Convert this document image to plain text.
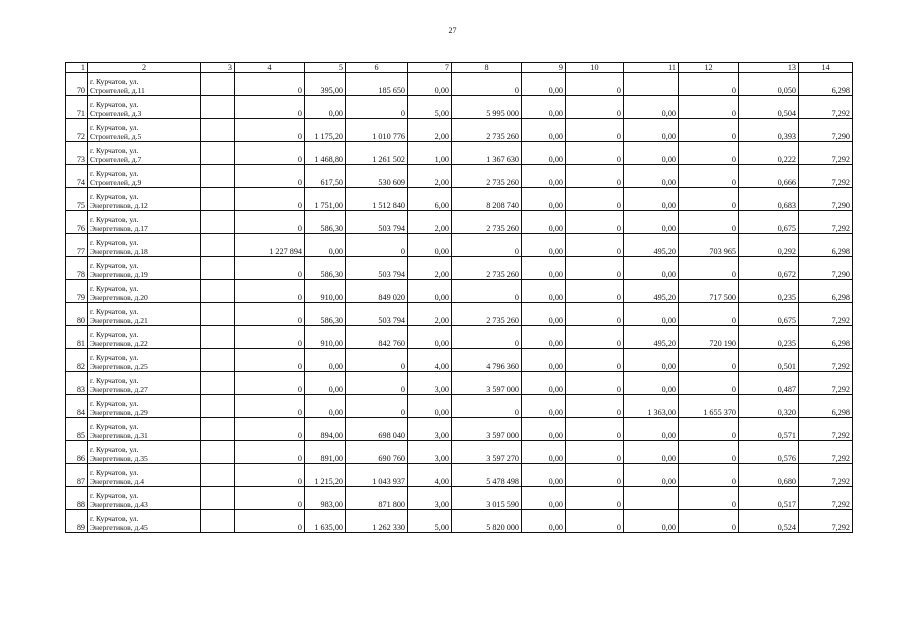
27
1	2	3	4	5	6	7	8	9	10	11	12	13	14
70	г. Курчатов, ул.
Строителей, д.11		0	395,00	185 650	0,00	0	0,00	0		0	0,050	6,298
71	г. Курчатов, ул.
Строителей, д.3		0	0,00	0	5,00	5 995 000	0,00	0	0,00	0	0,504	7,292
72	г. Курчатов, ул.
Строителей, д.5		0	1 175,20	1 010 776	2,00	2 735 260	0,00	0	0,00	0	0,393	7,290
73	г. Курчатов, ул.
Строителей, д.7		0	1 468,80	1 261 502	1,00	1 367 630	0,00	0	0,00	0	0,222	7,292
74	г. Курчатов, ул.
Строителей, д.9		0	617,50	530 609	2,00	2 735 260	0,00	0	0,00	0	0,666	7,292
75	г. Курчатов, ул.
Энергетиков, д.12		0	1 751,00	1 512 840	6,00	8 208 740	0,00	0	0,00	0	0,683	7,290
76	г. Курчатов, ул.
Энергетиков, д.17		0	586,30	503 794	2,00	2 735 260	0,00	0	0,00	0	0,675	7,292
77	г. Курчатов, ул.
Энергетиков, д.18		1 227 894	0,00	0	0,00	0	0,00	0	495,20	703 965	0,292	6,298
78	г. Курчатов, ул.
Энергетиков, д.19		0	586,30	503 794	2,00	2 735 260	0,00	0	0,00	0	0,672	7,290
79	г. Курчатов, ул.
Энергетиков, д.20		0	910,00	849 020	0,00	0	0,00	0	495,20	717 500	0,235	6,298
80	г. Курчатов, ул.
Энергетиков, д.21		0	586,30	503 794	2,00	2 735 260	0,00	0	0,00	0	0,675	7,292
81	г. Курчатов, ул.
Энергетиков, д.22		0	910,00	842 760	0,00	0	0,00	0	495,20	720 190	0,235	6,298
82	г. Курчатов, ул.
Энергетиков, д.25		0	0,00	0	4,00	4 796 360	0,00	0	0,00	0	0,501	7,292
83	г. Курчатов, ул.
Энергетиков, д.27		0	0,00	0	3,00	3 597 000	0,00	0	0,00	0	0,487	7,292
84	г. Курчатов, ул.
Энергетиков, д.29		0	0,00	0	0,00	0	0,00	0	1 363,00	1 655 370	0,320	6,298
85	г. Курчатов, ул.
Энергетиков, д.31		0	894,00	698 040	3,00	3 597 000	0,00	0	0,00	0	0,571	7,292
86	г. Курчатов, ул.
Энергетиков, д.35		0	891,00	690 760	3,00	3 597 270	0,00	0	0,00	0	0,576	7,292
87	г. Курчатов, ул.
Энергетиков, д.4		0	1 215,20	1 043 937	4,00	5 478 498	0,00	0	0,00	0	0,680	7,292
88	г. Курчатов, ул.
Энергетиков, д.43		0	983,00	871 800	3,00	3 015 590	0,00	0		0	0,517	7,292
89	г. Курчатов, ул.
Энергетиков, д.45		0	1 635,00	1 262 330	5,00	5 820 000	0,00	0	0,00	0	0,524	7,292
